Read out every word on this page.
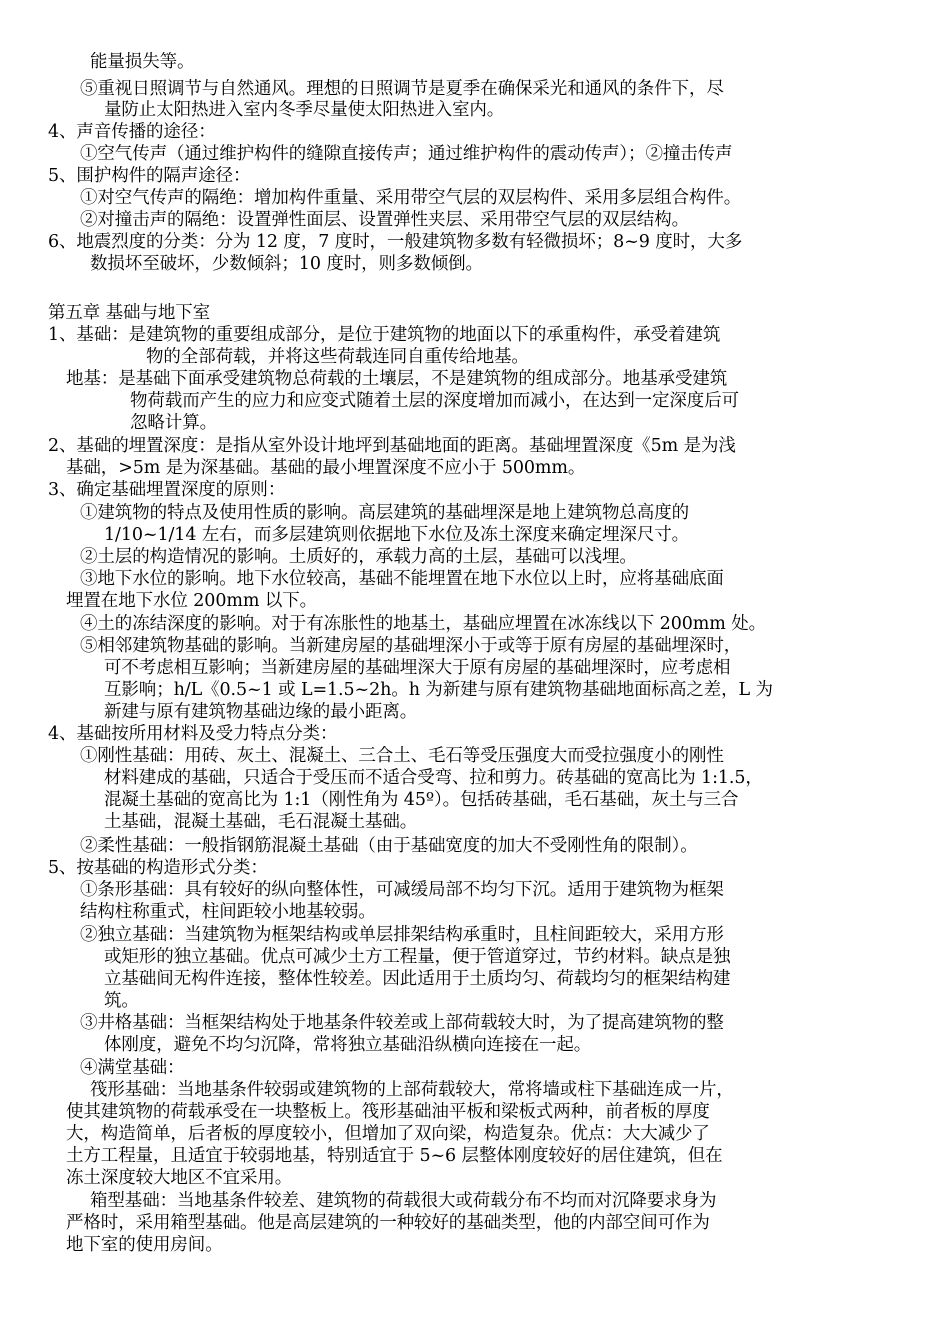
能量损失等。
⑤重视日照调节与自然通风。理想的日照调节是夏季在确保采光和通风的条件下，尽
量防止太阳热进入室内冬季尽量使太阳热进入室内。
4、声音传播的途径：
①空气传声（通过维护构件的缝隙直接传声；通过维护构件的震动传声）；②撞击传声
5、围护构件的隔声途径：
①对空气传声的隔绝：增加构件重量、采用带空气层的双层构件、采用多层组合构件。
②对撞击声的隔绝：设置弹性面层、设置弹性夹层、采用带空气层的双层结构。
6、地震烈度的分类：分为 12 度，7 度时，一般建筑物多数有轻微损坏；8~9 度时，大多
数损坏至破坏，少数倾斜；10 度时，则多数倾倒。
第五章 基础与地下室
1、基础：是建筑物的重要组成部分，是位于建筑物的地面以下的承重构件，承受着建筑
物的全部荷载，并将这些荷载连同自重传给地基。
地基：是基础下面承受建筑物总荷载的土壤层，不是建筑物的组成部分。地基承受建筑
物荷载而产生的应力和应变式随着土层的深度增加而减小，在达到一定深度后可
忽略计算。
2、基础的埋置深度：是指从室外设计地坪到基础地面的距离。基础埋置深度《5m 是为浅
基础，>5m 是为深基础。基础的最小埋置深度不应小于 500mm。
3、确定基础埋置深度的原则：
①建筑物的特点及使用性质的影响。高层建筑的基础埋深是地上建筑物总高度的
1/10~1/14 左右，而多层建筑则依据地下水位及冻土深度来确定埋深尺寸。
②土层的构造情况的影响。土质好的，承载力高的土层，基础可以浅埋。
③地下水位的影响。地下水位较高，基础不能埋置在地下水位以上时，应将基础底面
埋置在地下水位 200mm 以下。
④土的冻结深度的影响。对于有冻胀性的地基土，基础应埋置在冰冻线以下 200mm 处。
⑤相邻建筑物基础的影响。当新建房屋的基础埋深小于或等于原有房屋的基础埋深时，
可不考虑相互影响；当新建房屋的基础埋深大于原有房屋的基础埋深时，应考虑相
互影响；h/L《0.5~1 或 L=1.5~2h。h 为新建与原有建筑物基础地面标高之差，L 为
新建与原有建筑物基础边缘的最小距离。
4、基础按所用材料及受力特点分类：
①刚性基础：用砖、灰土、混凝土、三合土、毛石等受压强度大而受拉强度小的刚性
材料建成的基础，只适合于受压而不适合受弯、拉和剪力。砖基础的宽高比为 1:1.5，
混凝土基础的宽高比为 1:1（刚性角为 45º）。包括砖基础，毛石基础，灰土与三合
土基础，混凝土基础，毛石混凝土基础。
②柔性基础：一般指钢筋混凝土基础（由于基础宽度的加大不受刚性角的限制）。
5、按基础的构造形式分类：
①条形基础：具有较好的纵向整体性，可减缓局部不均匀下沉。适用于建筑物为框架
结构柱称重式，柱间距较小地基较弱。
②独立基础：当建筑物为框架结构或单层排架结构承重时，且柱间距较大，采用方形
或矩形的独立基础。优点可减少土方工程量，便于管道穿过，节约材料。缺点是独
立基础间无构件连接，整体性较差。因此适用于土质均匀、荷载均匀的框架结构建
筑。
③井格基础：当框架结构处于地基条件较差或上部荷载较大时，为了提高建筑物的整
体刚度，避免不均匀沉降，常将独立基础沿纵横向连接在一起。
④满堂基础：
筏形基础：当地基条件较弱或建筑物的上部荷载较大，常将墙或柱下基础连成一片，
使其建筑物的荷载承受在一块整板上。筏形基础油平板和梁板式两种，前者板的厚度
大，构造简单，后者板的厚度较小，但增加了双向梁，构造复杂。优点：大大减少了
土方工程量，且适宜于较弱地基，特别适宜于 5~6 层整体刚度较好的居住建筑，但在
冻土深度较大地区不宜采用。
箱型基础：当地基条件较差、建筑物的荷载很大或荷载分布不均而对沉降要求身为
严格时，采用箱型基础。他是高层建筑的一种较好的基础类型，他的内部空间可作为
地下室的使用房间。
